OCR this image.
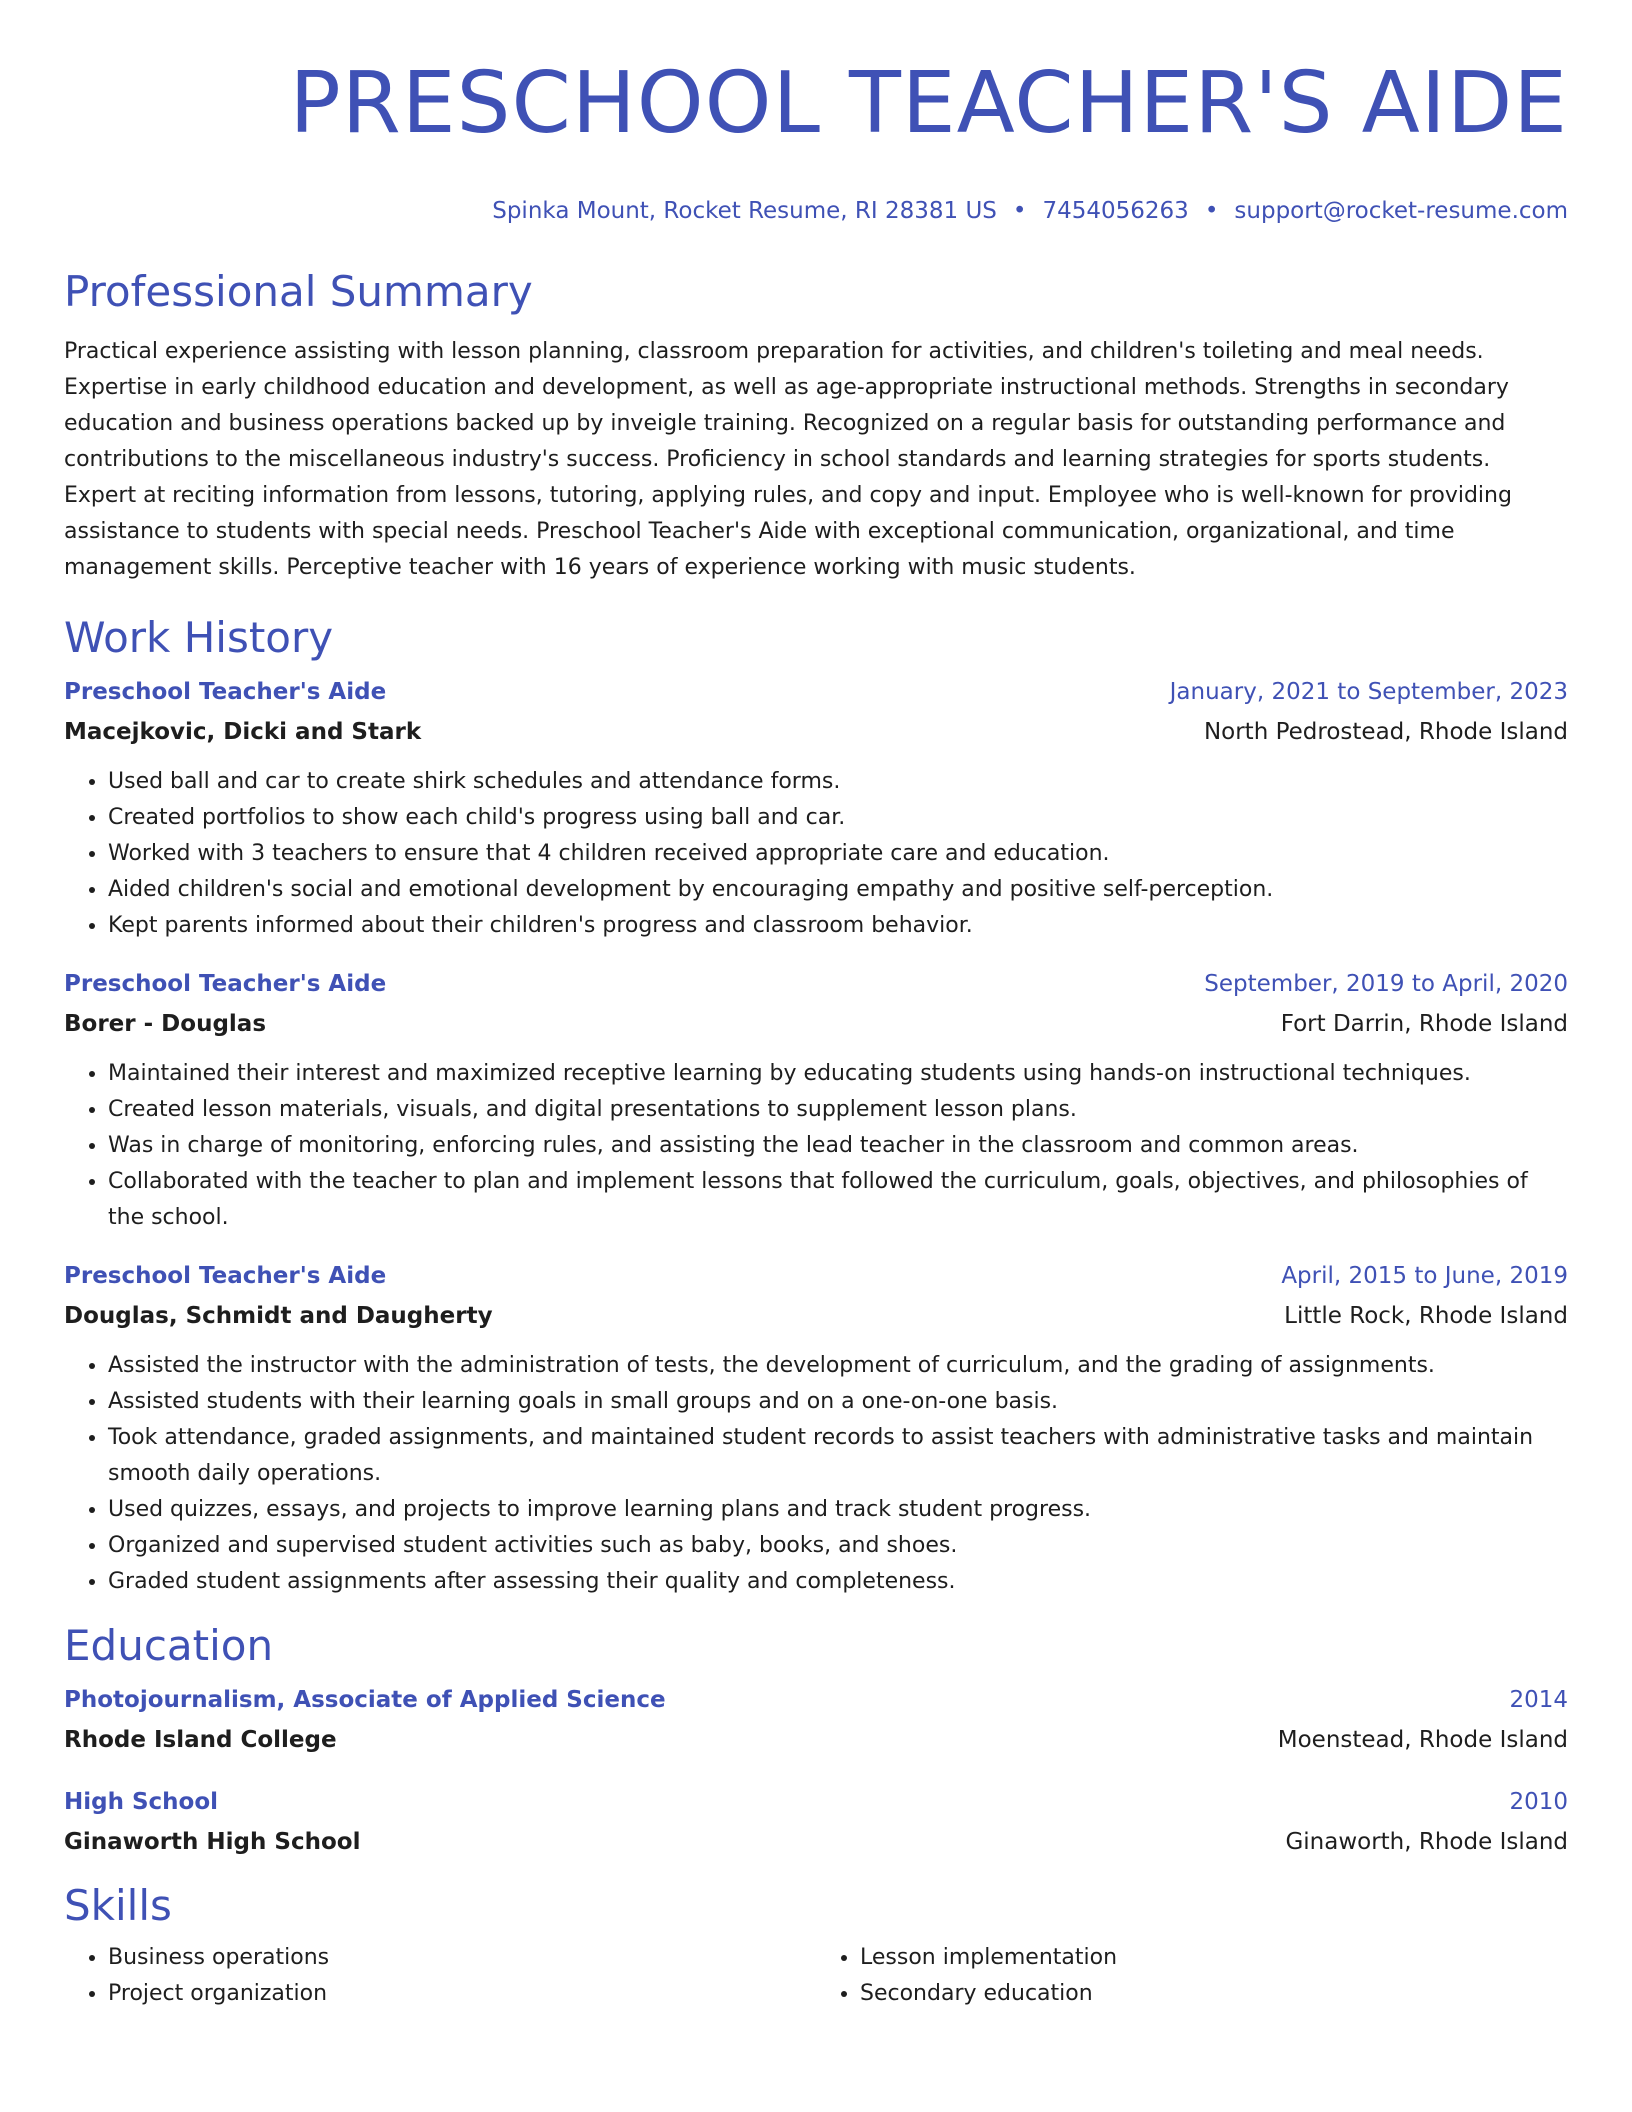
PRESCHOOL TEACHER'S AIDE
Spinka Mount, Rocket Resume, RI 28381 US • 7454056263 • support@rocket-resume.com
Professional Summary
Practical experience assisting with lesson planning, classroom preparation for activities, and children's toileting and meal needs. Expertise in early childhood education and development, as well as age-appropriate instructional methods. Strengths in secondary education and business operations backed up by inveigle training. Recognized on a regular basis for outstanding performance and contributions to the miscellaneous industry's success. Proficiency in school standards and learning strategies for sports students. Expert at reciting information from lessons, tutoring, applying rules, and copy and input. Employee who is well-known for providing assistance to students with special needs. Preschool Teacher's Aide with exceptional communication, organizational, and time management skills. Perceptive teacher with 16 years of experience working with music students.
Work History
Preschool Teacher's Aide	January, 2021 to September, 2023
Macejkovic, Dicki and Stark	North Pedrostead, Rhode Island
• Used ball and car to create shirk schedules and attendance forms.
• Created portfolios to show each child's progress using ball and car.
• Worked with 3 teachers to ensure that 4 children received appropriate care and education.
• Aided children's social and emotional development by encouraging empathy and positive self-perception.
• Kept parents informed about their children's progress and classroom behavior.
Preschool Teacher's Aide	September, 2019 to April, 2020
Borer - Douglas	Fort Darrin, Rhode Island
• Maintained their interest and maximized receptive learning by educating students using hands-on instructional techniques.
• Created lesson materials, visuals, and digital presentations to supplement lesson plans.
• Was in charge of monitoring, enforcing rules, and assisting the lead teacher in the classroom and common areas.
• Collaborated with the teacher to plan and implement lessons that followed the curriculum, goals, objectives, and philosophies of the school.
Preschool Teacher's Aide	April, 2015 to June, 2019
Douglas, Schmidt and Daugherty	Little Rock, Rhode Island
• Assisted the instructor with the administration of tests, the development of curriculum, and the grading of assignments.
• Assisted students with their learning goals in small groups and on a one-on-one basis.
• Took attendance, graded assignments, and maintained student records to assist teachers with administrative tasks and maintain smooth daily operations.
• Used quizzes, essays, and projects to improve learning plans and track student progress.
• Organized and supervised student activities such as baby, books, and shoes.
• Graded student assignments after assessing their quality and completeness.
Education
Photojournalism, Associate of Applied Science	2014
Rhode Island College	Moenstead, Rhode Island
High School	2010
Ginaworth High School	Ginaworth, Rhode Island
Skills
• Business operations
• Project organization
• Lesson implementation
• Secondary education
